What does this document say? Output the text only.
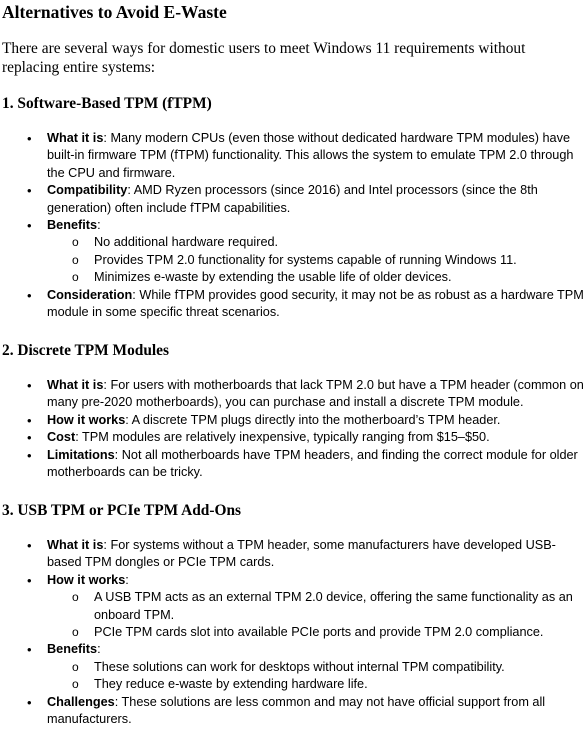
Alternatives to Avoid E-Waste

There are several ways for domestic users to meet Windows 11 requirements without replacing entire systems:

1. Software-Based TPM (fTPM)
• What it is: Many modern CPUs (even those without dedicated hardware TPM modules) have built-in firmware TPM (fTPM) functionality. This allows the system to emulate TPM 2.0 through the CPU and firmware.
• Compatibility: AMD Ryzen processors (since 2016) and Intel processors (since the 8th generation) often include fTPM capabilities.
• Benefits:
o No additional hardware required.
o Provides TPM 2.0 functionality for systems capable of running Windows 11.
o Minimizes e-waste by extending the usable life of older devices.
• Consideration: While fTPM provides good security, it may not be as robust as a hardware TPM module in some specific threat scenarios.
2. Discrete TPM Modules
• What it is: For users with motherboards that lack TPM 2.0 but have a TPM header (common on many pre-2020 motherboards), you can purchase and install a discrete TPM module.
• How it works: A discrete TPM plugs directly into the motherboard’s TPM header.
• Cost: TPM modules are relatively inexpensive, typically ranging from $15–$50.
• Limitations: Not all motherboards have TPM headers, and finding the correct module for older motherboards can be tricky.
3. USB TPM or PCIe TPM Add-Ons
• What it is: For systems without a TPM header, some manufacturers have developed USB-based TPM dongles or PCIe TPM cards.
• How it works:
o A USB TPM acts as an external TPM 2.0 device, offering the same functionality as an onboard TPM.
o PCIe TPM cards slot into available PCIe ports and provide TPM 2.0 compliance.
• Benefits:
o These solutions can work for desktops without internal TPM compatibility.
o They reduce e-waste by extending hardware life.
• Challenges: These solutions are less common and may not have official support from all manufacturers.
